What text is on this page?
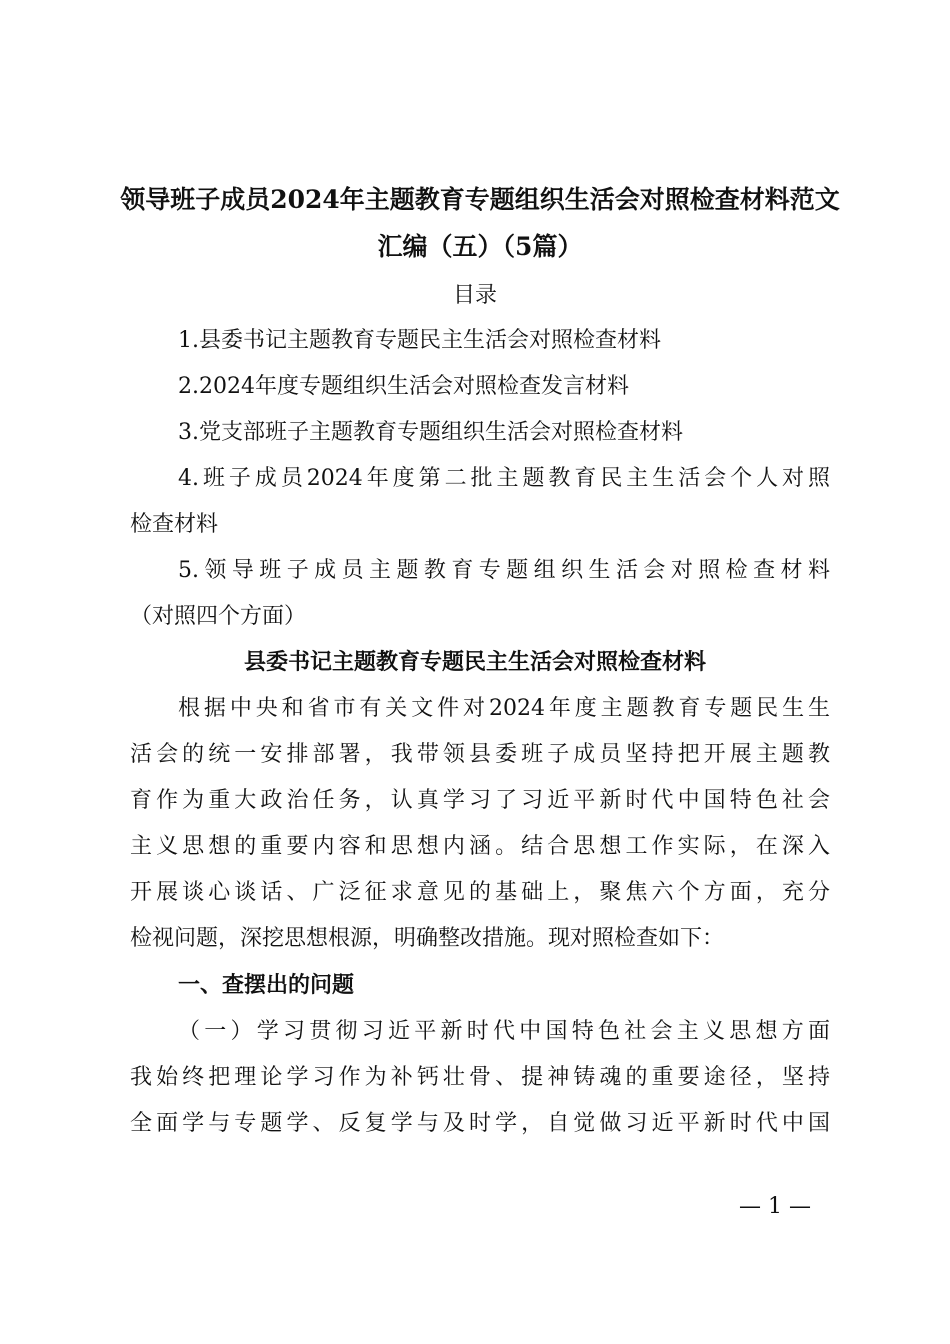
领导班子成员2024年主题教育专题组织生活会对照检查材料范文
汇编（五）（5篇）
目录
1.县委书记主题教育专题民主生活会对照检查材料
2.2024年度专题组织生活会对照检查发言材料
3.党支部班子主题教育专题组织生活会对照检查材料
4.班子成员2024年度第二批主题教育民主生活会个人对照
检查材料
5.领导班子成员主题教育专题组织生活会对照检查材料
（对照四个方面）
县委书记主题教育专题民主生活会对照检查材料
根据中央和省市有关文件对2024年度主题教育专题民生生
活会的统一安排部署，我带领县委班子成员坚持把开展主题教
育作为重大政治任务，认真学习了习近平新时代中国特色社会
主义思想的重要内容和思想内涵。结合思想工作实际，在深入
开展谈心谈话、广泛征求意见的基础上，聚焦六个方面，充分
检视问题，深挖思想根源，明确整改措施。现对照检查如下：
一、查摆出的问题
（一）学习贯彻习近平新时代中国特色社会主义思想方面
我始终把理论学习作为补钙壮骨、提神铸魂的重要途径，坚持
全面学与专题学、反复学与及时学，自觉做习近平新时代中国
— 1 —
